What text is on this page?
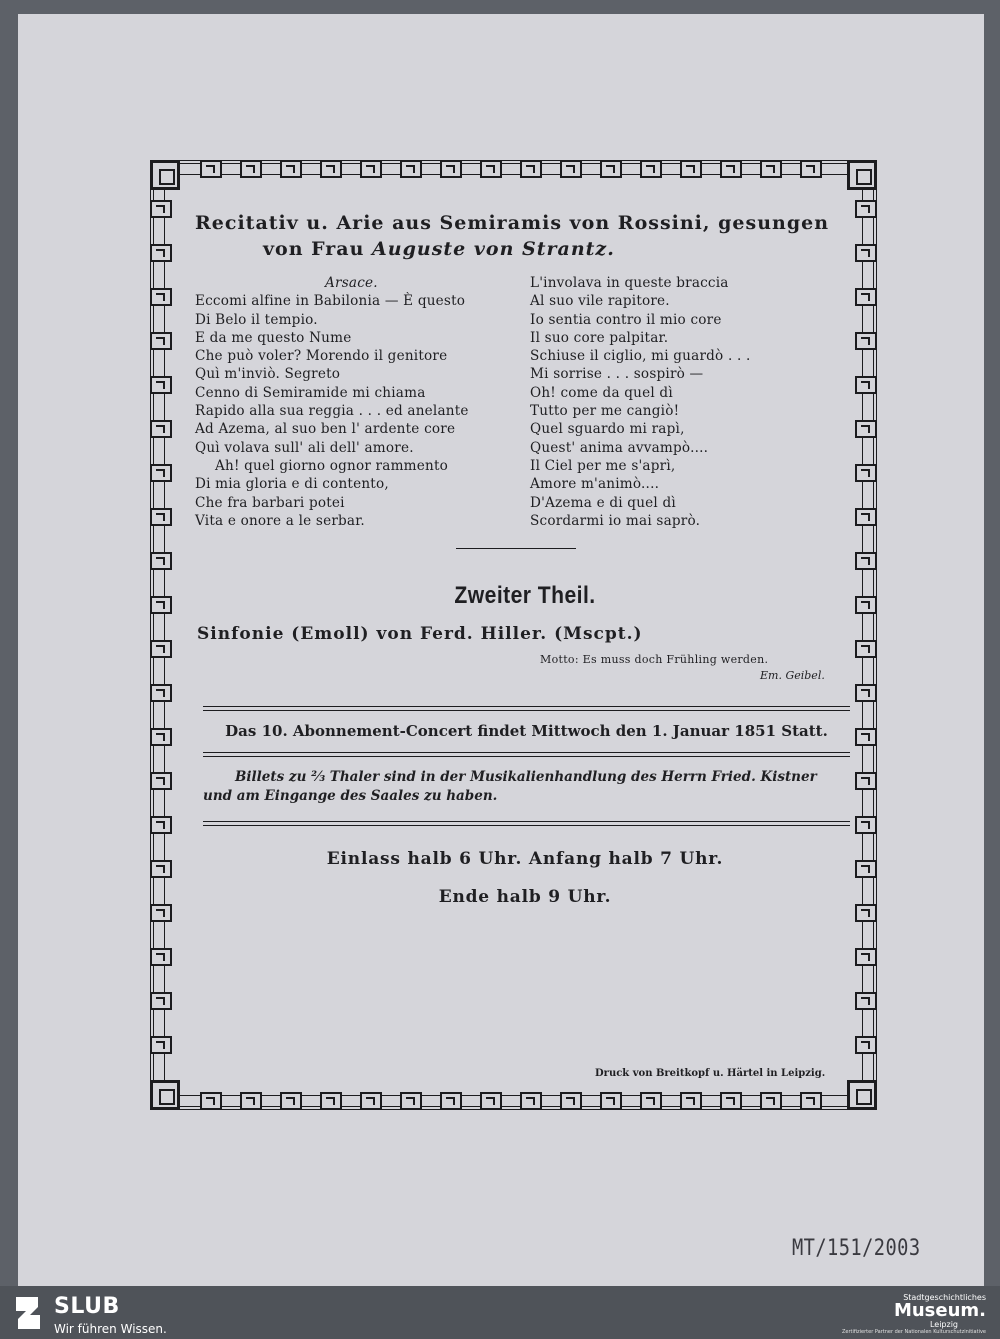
Recitativ u. Arie aus Semiramis von Rossini, gesungen
von Frau Auguste von Strantz.
Arsace.
Eccomi alfine in Babilonia — È questo
Di Belo il tempio.
E da me questo Nume
Che può voler? Morendo il genitore
Quì m'inviò. Segreto
Cenno di Semiramide mi chiama
Rapido alla sua reggia . . . ed anelante
Ad Azema, al suo ben l' ardente core
Quì volava sull' ali dell' amore.
Ah! quel giorno ognor rammento
Di mia gloria e di contento,
Che fra barbari potei
Vita e onore a le serbar.
L'involava in queste braccia
Al suo vile rapitore.
Io sentia contro il mio core
Il suo core palpitar.
Schiuse il ciglio, mi guardò . . .
Mi sorrise . . . sospirò —
Oh! come da quel dì
Tutto per me cangiò!
Quel sguardo mi rapì,
Quest' anima avvampò....
Il Ciel per me s'aprì,
Amore m'animò....
D'Azema e di quel dì
Scordarmi io mai saprò.
Zweiter Theil.
Sinfonie (Emoll) von Ferd. Hiller. (Mscpt.)
Motto: Es muss doch Frühling werden.
Em. Geibel.
Das 10. Abonnement-Concert findet Mittwoch den 1. Januar 1851 Statt.
Billets zu ⅔ Thaler sind in der Musikalienhandlung des Herrn Fried. Kistner
und am Eingange des Saales zu haben.
Einlass halb 6 Uhr. Anfang halb 7 Uhr.
Ende halb 9 Uhr.
Druck von Breitkopf u. Härtel in Leipzig.
MT/151/2003
SLUB
Wir führen Wissen.
Stadtgeschichtliches
Museum.
Leipzig
Zertifizierter Partner der Nationalen Kulturschutzinitiative
